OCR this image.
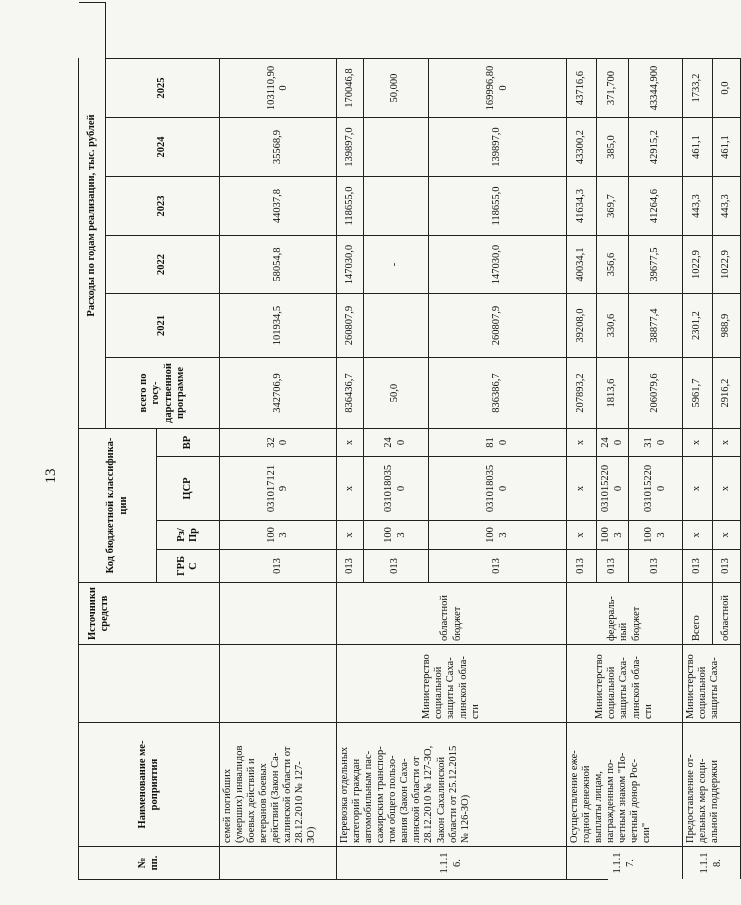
13
№
пп.
Наименование ме-
роприятия
Источники
средств
Код бюджетной классифика-
ции
ГРБ
С
Рз/
Пр
ЦСР
ВР
Расходы по годам реализации, тыс. рублей
всего по госу-
дарственной
программе
2021
2022
2023
2024
2025
семей погибших
(умерших) инвалидов
боевых действий и
ветеранов боевых
действий (Закон Са-
халинской области от
28.12.2010 № 127-
ЗО)
013
100
3
031017121
9
32
0
342706,9
101934,5
58054,8
44037,8
35568,9
103110,90
0
1.1.1
6.
Перевозка отдельных
категорий граждан
автомобильным пас-
сажирским транспор-
том общего пользо-
вания (Закон Саха-
линской области от
28.12.2010 № 127-ЗО,
Закон Сахалинской
области от 25.12.2015
№ 126-ЗО)
Министерство
социальной
защиты Саха-
линской обла-
сти
областной
бюджет
013
x
x
x
836436,7
260807,9
147030,0
118655,0
139897,0
170046,8
013
100
3
031018035
0
24
0
50,0
-
50,000
013
100
3
031018035
0
81
0
836386,7
260807,9
147030,0
118655,0
139897,0
169996,80
0
1.1.1
7.
Осуществление еже-
годной денежной
выплаты лицам,
награжденным по-
четным знаком "По-
четный донор Рос-
сии"
Министерство
социальной
защиты Саха-
линской обла-
сти
федераль-
ный бюджет
013
x
x
x
207893,2
39208,0
40034,1
41634,3
43300,2
43716,6
013
100
3
031015220
0
24
0
1813,6
330,6
356,6
369,7
385,0
371,700
013
100
3
031015220
0
31
0
206079,6
38877,4
39677,5
41264,6
42915,2
43344,900
1.1.1
8.
Предоставление от-
дельных мер соци-
альной поддержки
Министерство
социальной
защиты Саха-
Всего
013
x
x
x
5961,7
2301,2
1022,9
443,3
461,1
1733,2
областной
013
x
x
x
2916,2
988,9
1022,9
443,3
461,1
0,0
